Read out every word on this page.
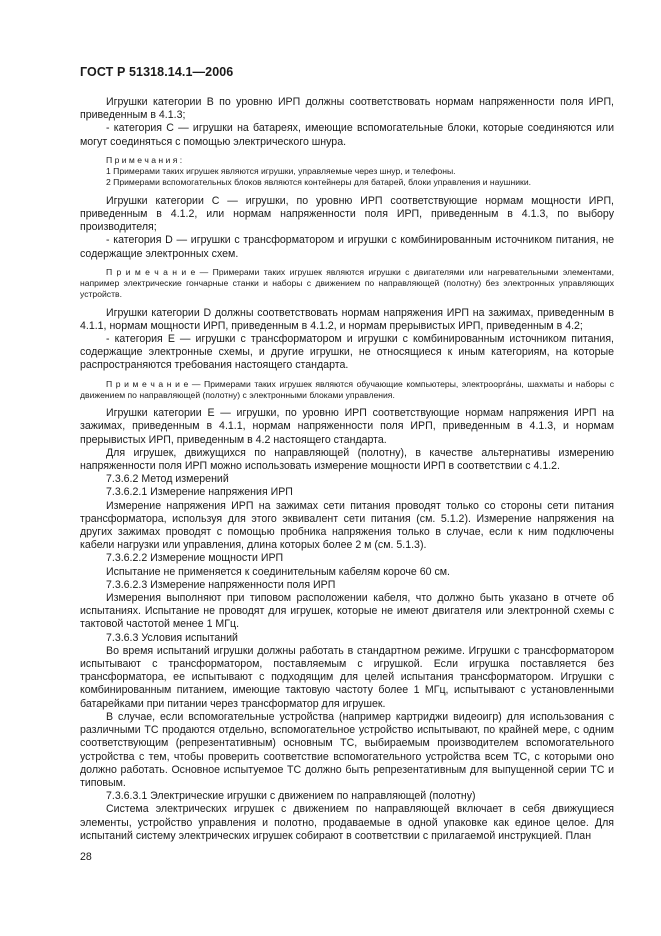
ГОСТ Р 51318.14.1—2006

Игрушки категории В по уровню ИРП должны соответствовать нормам напряженности поля ИРП, приведенным в 4.1.3;

- категория С — игрушки на батареях, имеющие вспомогательные блоки, которые соединяются или могут соединяться с помощью электрического шнура.

П р и м е ч а н и я :

1 Примерами таких игрушек являются игрушки, управляемые через шнур, и телефоны.

2 Примерами вспомогательных блоков являются контейнеры для батарей, блоки управления и наушники.

Игрушки категории С — игрушки, по уровню ИРП соответствующие нормам мощности ИРП, приведенным в 4.1.2, или нормам напряженности поля ИРП, приведенным в 4.1.3, по выбору производителя;

- категория D — игрушки с трансформатором и игрушки с комбинированным источником питания, не содержащие электронных схем.

П р и м е ч а н и е — Примерами таких игрушек являются игрушки с двигателями или нагревательными элементами, например электрические гончарные станки и наборы с движением по направляющей (полотну) без электронных управляющих устройств.

Игрушки категории D должны соответствовать нормам напряжения ИРП на зажимах, приведенным в 4.1.1, нормам мощности ИРП, приведенным в 4.1.2, и нормам прерывистых ИРП, приведенным в 4.2;

- категория Е — игрушки с трансформатором и игрушки с комбинированным источником питания, содержащие электронные схемы, и другие игрушки, не относящиеся к иным категориям, на которые распространяются требования настоящего стандарта.

П р и м е ч а н и е — Примерами таких игрушек являются обучающие компьютеры, электроорга́ны, шахматы и наборы с движением по направляющей (полотну) с электронными блоками управления.

Игрушки категории Е — игрушки, по уровню ИРП соответствующие нормам напряжения ИРП на зажимах, приведенным в 4.1.1, нормам напряженности поля ИРП, приведенным в 4.1.3, и нормам прерывистых ИРП, приведенным в 4.2 настоящего стандарта.

Для игрушек, движущихся по направляющей (полотну), в качестве альтернативы измерению напряженности поля ИРП можно использовать измерение мощности ИРП в соответствии с 4.1.2.

7.3.6.2 Метод измерений

7.3.6.2.1 Измерение напряжения ИРП

Измерение напряжения ИРП на зажимах сети питания проводят только со стороны сети питания трансформатора, используя для этого эквивалент сети питания (см. 5.1.2). Измерение напряжения на других зажимах проводят с помощью пробника напряжения только в случае, если к ним подключены кабели нагрузки или управления, длина которых более 2 м (см. 5.1.3).

7.3.6.2.2 Измерение мощности ИРП

Испытание не применяется к соединительным кабелям короче 60 см.

7.3.6.2.3 Измерение напряженности поля ИРП

Измерения выполняют при типовом расположении кабеля, что должно быть указано в отчете об испытаниях. Испытание не проводят для игрушек, которые не имеют двигателя или электронной схемы с тактовой частотой менее 1 МГц.

7.3.6.3 Условия испытаний

Во время испытаний игрушки должны работать в стандартном режиме. Игрушки с трансформатором испытывают с трансформатором, поставляемым с игрушкой. Если игрушка поставляется без трансформатора, ее испытывают с подходящим для целей испытания трансформатором. Игрушки с комбинированным питанием, имеющие тактовую частоту более 1 МГц, испытывают с установленными батарейками при питании через трансформатор для игрушек.

В случае, если вспомогательные устройства (например картриджи видеоигр) для использования с различными ТС продаются отдельно, вспомогательное устройство испытывают, по крайней мере, с одним соответствующим (репрезентативным) основным ТС, выбираемым производителем вспомогательного устройства с тем, чтобы проверить соответствие вспомогательного устройства всем ТС, с которыми оно должно работать. Основное испытуемое ТС должно быть репрезентативным для выпущенной серии ТС и типовым.

7.3.6.3.1 Электрические игрушки с движением по направляющей (полотну)

Система электрических игрушек с движением по направляющей включает в себя движущиеся элементы, устройство управления и полотно, продаваемые в одной упаковке как единое целое. Для испытаний систему электрических игрушек собирают в соответствии с прилагаемой инструкцией. План

28
